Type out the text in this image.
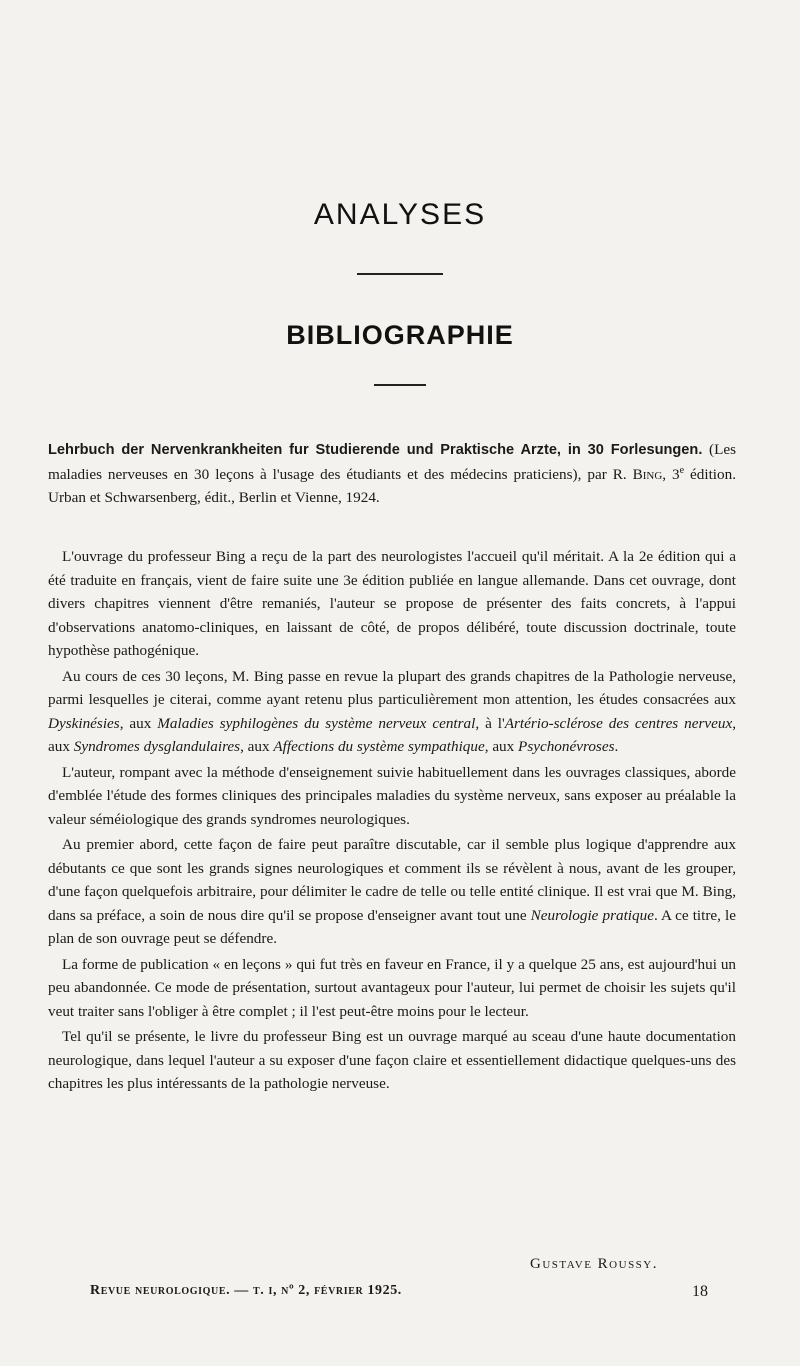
ANALYSES
BIBLIOGRAPHIE
Lehrbuch der Nervenkrankheiten fur Studierende und Praktische Arzte, in 30 Forlesungen. (Les maladies nerveuses en 30 leçons à l'usage des étudiants et des médecins praticiens), par R. Bing, 3e édition. Urban et Schwarsenberg, édit., Berlin et Vienne, 1924.

L'ouvrage du professeur Bing a reçu de la part des neurologistes l'accueil qu'il méritait. A la 2e édition qui a été traduite en français, vient de faire suite une 3e édition publiée en langue allemande. Dans cet ouvrage, dont divers chapitres viennent d'être remaniés, l'auteur se propose de présenter des faits concrets, à l'appui d'observations anatomo-cliniques, en laissant de côté, de propos délibéré, toute discussion doctrinale, toute hypothèse pathogénique.

Au cours de ces 30 leçons, M. Bing passe en revue la plupart des grands chapitres de la Pathologie nerveuse, parmi lesquelles je citerai, comme ayant retenu plus particulièrement mon attention, les études consacrées aux Dyskinésies, aux Maladies syphilogènes du système nerveux central, à l'Artério-sclérose des centres nerveux, aux Syndromes dysglandulaires, aux Affections du système sympathique, aux Psychonévroses.

L'auteur, rompant avec la méthode d'enseignement suivie habituellement dans les ouvrages classiques, aborde d'emblée l'étude des formes cliniques des principales maladies du système nerveux, sans exposer au préalable la valeur séméiologique des grands syndromes neurologiques.

Au premier abord, cette façon de faire peut paraître discutable, car il semble plus logique d'apprendre aux débutants ce que sont les grands signes neurologiques et comment ils se révèlent à nous, avant de les grouper, d'une façon quelquefois arbitraire, pour délimiter le cadre de telle ou telle entité clinique. Il est vrai que M. Bing, dans sa préface, a soin de nous dire qu'il se propose d'enseigner avant tout une Neurologie pratique. A ce titre, le plan de son ouvrage peut se défendre.

La forme de publication « en leçons » qui fut très en faveur en France, il y a quelque 25 ans, est aujourd'hui un peu abandonnée. Ce mode de présentation, surtout avantageux pour l'auteur, lui permet de choisir les sujets qu'il veut traiter sans l'obliger à être complet ; il l'est peut-être moins pour le lecteur.

Tel qu'il se présente, le livre du professeur Bing est un ouvrage marqué au sceau d'une haute documentation neurologique, dans lequel l'auteur a su exposer d'une façon claire et essentiellement didactique quelques-uns des chapitres les plus intéressants de la pathologie nerveuse.

Gustave Roussy.
Revue neurologique. — t. i, nº 2, février 1925.	18
